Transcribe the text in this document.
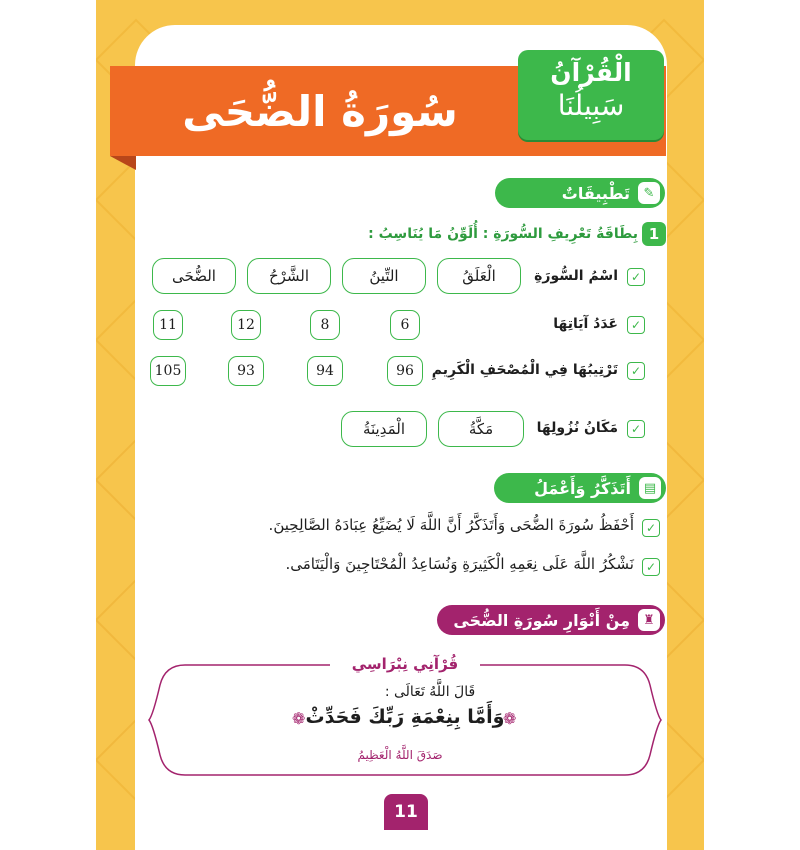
سُورَةُ الضُّحَى
الْقُرْآنُ
سَبِيلُنَا
تَطْبِيقَاتٌ	✎
1
بِطَاقَةُ تَعْرِيفِ السُّورَةِ : أُلَوِّنُ مَا يُنَاسِبُ :
✓
اسْمُ السُّورَةِ
الْعَلَقُ
التِّينُ
الشَّرْحُ
الضُّحَى
✓
عَدَدُ آيَاتِهَا
6
8
12
11
✓
تَرْتِيبُهَا فِي الْمُصْحَفِ الْكَرِيمِ
96
94
93
105
✓
مَكَانُ نُزُولِهَا
مَكَّةُ
الْمَدِينَةُ
أَتَذَكَّرُ وَأَعْمَلُ ▤
✓
أَحْفَظُ سُورَةَ الضُّحَى وَأَتَذَكَّرُ أَنَّ اللَّهَ لَا يُضَيِّعُ عِبَادَهُ الصَّالِحِينَ.
✓
نَشْكُرُ اللَّهَ عَلَى نِعَمِهِ الْكَثِيرَةِ وَنُسَاعِدُ الْمُحْتَاجِينَ وَالْيَتَامَى.
مِنْ أَنْوَارِ سُورَةِ الضُّحَى	♜
قُرْآنِي نِبْرَاسِي
قَالَ اللَّهُ تَعَالَى :
❁
وَأَمَّا بِنِعْمَةِ رَبِّكَ فَحَدِّثْ
❁
صَدَقَ اللَّهُ الْعَظِيمُ
11
